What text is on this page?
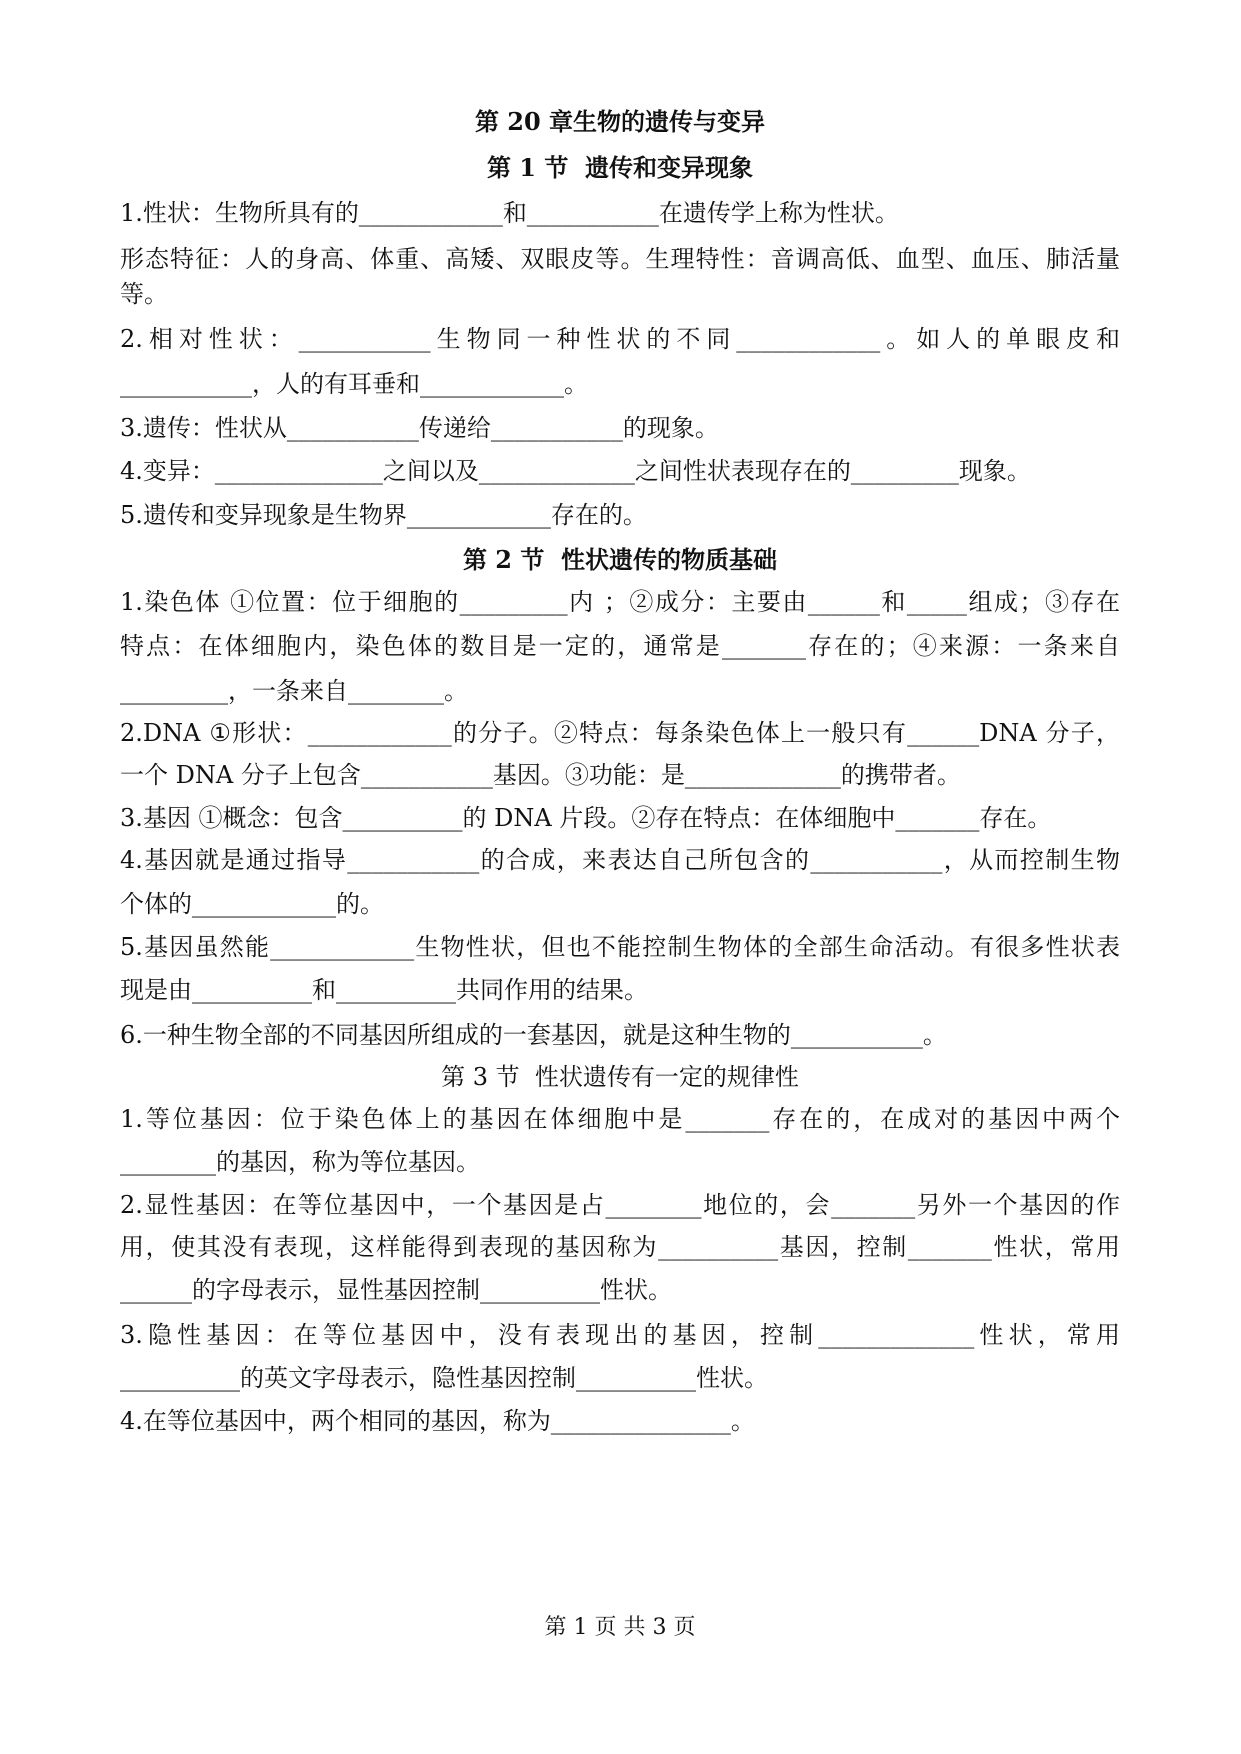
第 20 章生物的遗传与变异
第 1 节  遗传和变异现象
1.性状：生物所具有的____________和___________在遗传学上称为性状。
形态特征：人的身高、体重、高矮、双眼皮等。生理特性：音调高低、血型、血压、肺活量
等。
2.相对性状：___________生物同一种性状的不同____________。如人的单眼皮和
___________，人的有耳垂和____________。
3.遗传：性状从___________传递给___________的现象。
4.变异：______________之间以及_____________之间性状表现存在的_________现象。
5.遗传和变异现象是生物界____________存在的。
第 2 节  性状遗传的物质基础
1.染色体 ①位置：位于细胞的_________内 ；②成分：主要由______和_____组成；③存在
特点：在体细胞内，染色体的数目是一定的，通常是_______存在的；④来源：一条来自
_________，一条来自________。
2.DNA ①形状：____________的分子。②特点：每条染色体上一般只有______DNA 分子，
一个 DNA 分子上包含___________基因。③功能：是_____________的携带者。
3.基因 ①概念：包含__________的 DNA 片段。②存在特点：在体细胞中_______存在。
4.基因就是通过指导___________的合成，来表达自己所包含的___________，从而控制生物
个体的____________的。
5.基因虽然能____________生物性状，但也不能控制生物体的全部生命活动。有很多性状表
现是由__________和__________共同作用的结果。
6.一种生物全部的不同基因所组成的一套基因，就是这种生物的___________。
第 3 节  性状遗传有一定的规律性
1.等位基因：位于染色体上的基因在体细胞中是_______存在的，在成对的基因中两个
________的基因，称为等位基因。
2.显性基因：在等位基因中，一个基因是占________地位的，会_______另外一个基因的作
用，使其没有表现，这样能得到表现的基因称为__________基因，控制_______性状，常用
______的字母表示，显性基因控制__________性状。
3.隐性基因：在等位基因中，没有表现出的基因，控制_____________性状，常用
__________的英文字母表示，隐性基因控制__________性状。
4.在等位基因中，两个相同的基因，称为_______________。
第 1 页 共 3 页
